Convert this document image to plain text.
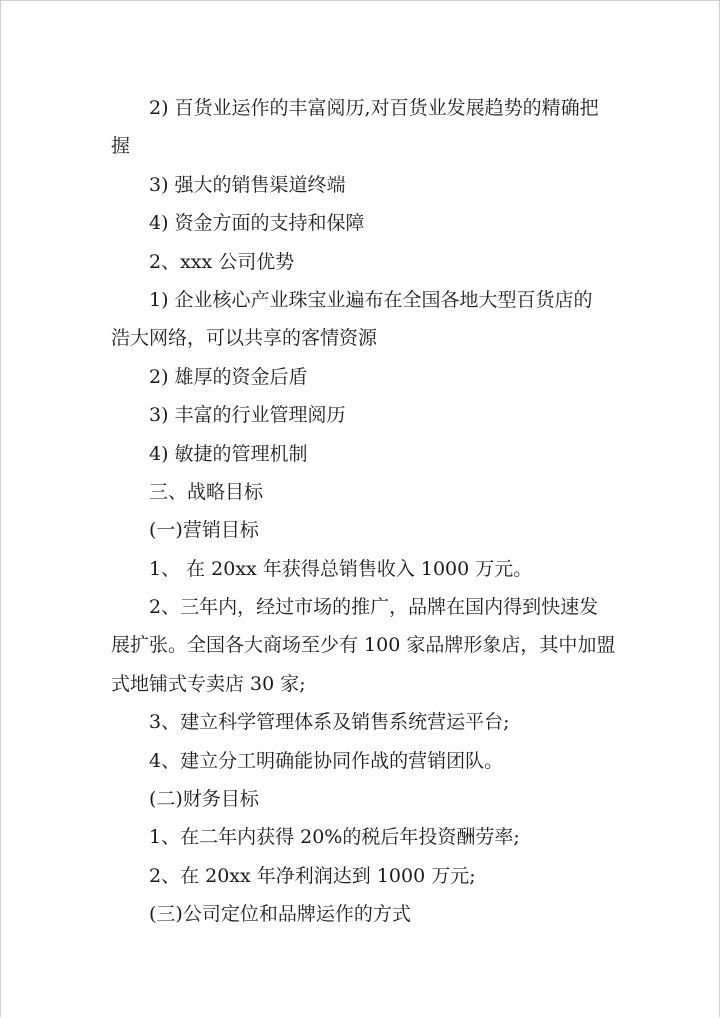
2) 百货业运作的丰富阅历,对百货业发展趋势的精确把
握
3) 强大的销售渠道终端
4) 资金方面的支持和保障
2、xxx 公司优势
1) 企业核心产业珠宝业遍布在全国各地大型百货店的
浩大网络，可以共享的客情资源
2) 雄厚的资金后盾
3) 丰富的行业管理阅历
4) 敏捷的管理机制
三、战略目标
(一)营销目标
1、 在 20xx 年获得总销售收入 1000 万元。
2、三年内，经过市场的推广，品牌在国内得到快速发
展扩张。全国各大商场至少有 100 家品牌形象店，其中加盟
式地铺式专卖店 30 家;
3、建立科学管理体系及销售系统营运平台;
4、建立分工明确能协同作战的营销团队。
(二)财务目标
1、在二年内获得 20%的税后年投资酬劳率;
2、在 20xx 年净利润达到 1000 万元;
(三)公司定位和品牌运作的方式
